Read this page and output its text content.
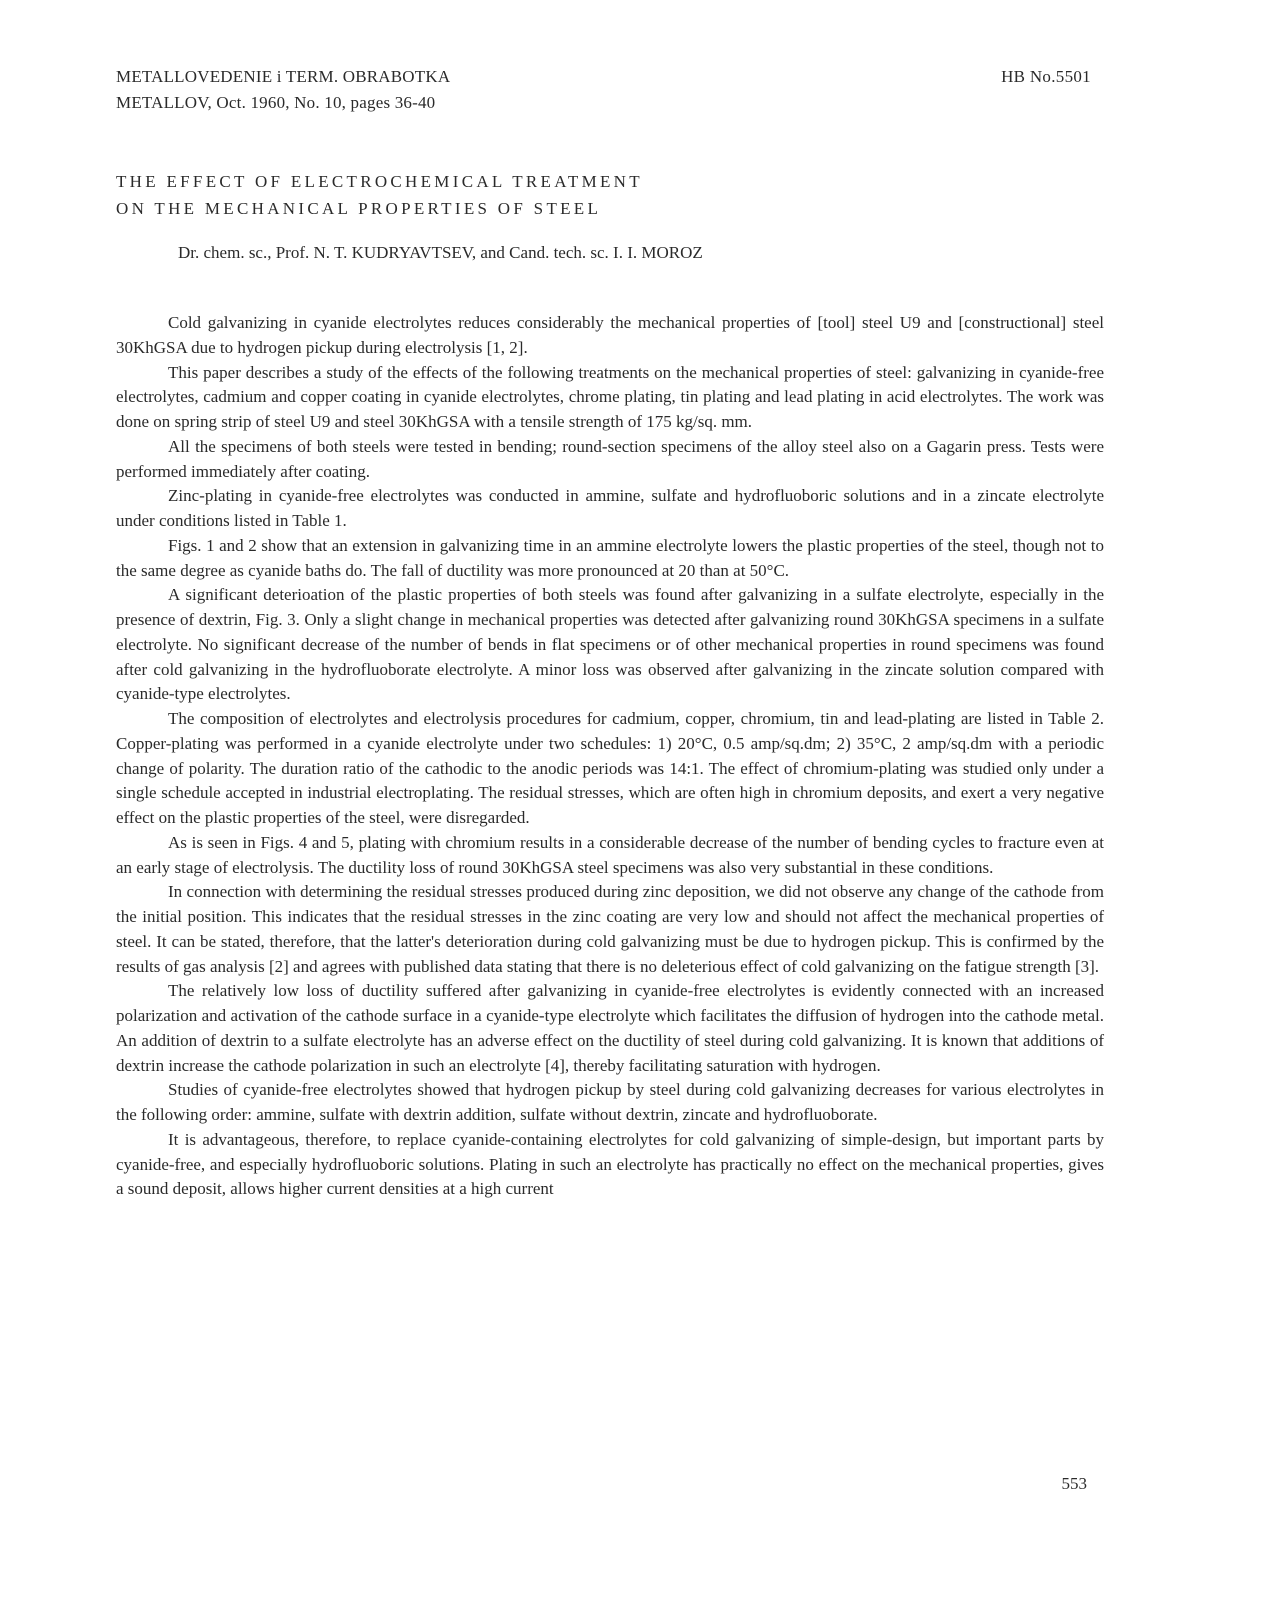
METALLOVEDENIE i TERM. OBRABOTKA
METALLOV, Oct. 1960, No. 10, pages 36-40
HB No.5501
THE EFFECT OF ELECTROCHEMICAL TREATMENT
ON THE MECHANICAL PROPERTIES OF STEEL
Dr. chem. sc., Prof. N. T. KUDRYAVTSEV, and Cand. tech. sc. I. I. MOROZ

Cold galvanizing in cyanide electrolytes reduces considerably the mechanical properties of [tool] steel U9 and [constructional] steel 30KhGSA due to hydrogen pickup during electrolysis [1, 2].

This paper describes a study of the effects of the following treatments on the mechanical properties of steel: galvanizing in cyanide-free electrolytes, cadmium and copper coating in cyanide electrolytes, chrome plating, tin plating and lead plating in acid electrolytes. The work was done on spring strip of steel U9 and steel 30KhGSA with a tensile strength of 175 kg/sq. mm.

All the specimens of both steels were tested in bending; round-section specimens of the alloy steel also on a Gagarin press. Tests were performed immediately after coating.

Zinc-plating in cyanide-free electrolytes was conducted in ammine, sulfate and hydrofluoboric solutions and in a zincate electrolyte under conditions listed in Table 1.

Figs. 1 and 2 show that an extension in galvanizing time in an ammine electrolyte lowers the plastic properties of the steel, though not to the same degree as cyanide baths do. The fall of ductility was more pronounced at 20 than at 50°C.

A significant deterioation of the plastic properties of both steels was found after galvanizing in a sulfate electrolyte, especially in the presence of dextrin, Fig. 3. Only a slight change in mechanical properties was detected after galvanizing round 30KhGSA specimens in a sulfate electrolyte. No significant decrease of the number of bends in flat specimens or of other mechanical properties in round specimens was found after cold galvanizing in the hydrofluoborate electrolyte. A minor loss was observed after galvanizing in the zincate solution compared with cyanide-type electrolytes.

The composition of electrolytes and electrolysis procedures for cadmium, copper, chromium, tin and lead-plating are listed in Table 2. Copper-plating was performed in a cyanide electrolyte under two schedules: 1) 20°C, 0.5 amp/sq.dm; 2) 35°C, 2 amp/sq.dm with a periodic change of polarity. The duration ratio of the cathodic to the anodic periods was 14:1. The effect of chromium-plating was studied only under a single schedule accepted in industrial electroplating. The residual stresses, which are often high in chromium deposits, and exert a very negative effect on the plastic properties of the steel, were disregarded.

As is seen in Figs. 4 and 5, plating with chromium results in a considerable decrease of the number of bending cycles to fracture even at an early stage of electrolysis. The ductility loss of round 30KhGSA steel specimens was also very substantial in these conditions.

In connection with determining the residual stresses produced during zinc deposition, we did not observe any change of the cathode from the initial position. This indicates that the residual stresses in the zinc coating are very low and should not affect the mechanical properties of steel. It can be stated, therefore, that the latter's deterioration during cold galvanizing must be due to hydrogen pickup. This is confirmed by the results of gas analysis [2] and agrees with published data stating that there is no deleterious effect of cold galvanizing on the fatigue strength [3].

The relatively low loss of ductility suffered after galvanizing in cyanide-free electrolytes is evidently connected with an increased polarization and activation of the cathode surface in a cyanide-type electrolyte which facilitates the diffusion of hydrogen into the cathode metal. An addition of dextrin to a sulfate electrolyte has an adverse effect on the ductility of steel during cold galvanizing. It is known that additions of dextrin increase the cathode polarization in such an electrolyte [4], thereby facilitating saturation with hydrogen.

Studies of cyanide-free electrolytes showed that hydrogen pickup by steel during cold galvanizing decreases for various electrolytes in the following order: ammine, sulfate with dextrin addition, sulfate without dextrin, zincate and hydrofluoborate.

It is advantageous, therefore, to replace cyanide-containing electrolytes for cold galvanizing of simple-design, but important parts by cyanide-free, and especially hydrofluoboric solutions. Plating in such an electrolyte has practically no effect on the mechanical properties, gives a sound deposit, allows higher current densities at a high current

553
